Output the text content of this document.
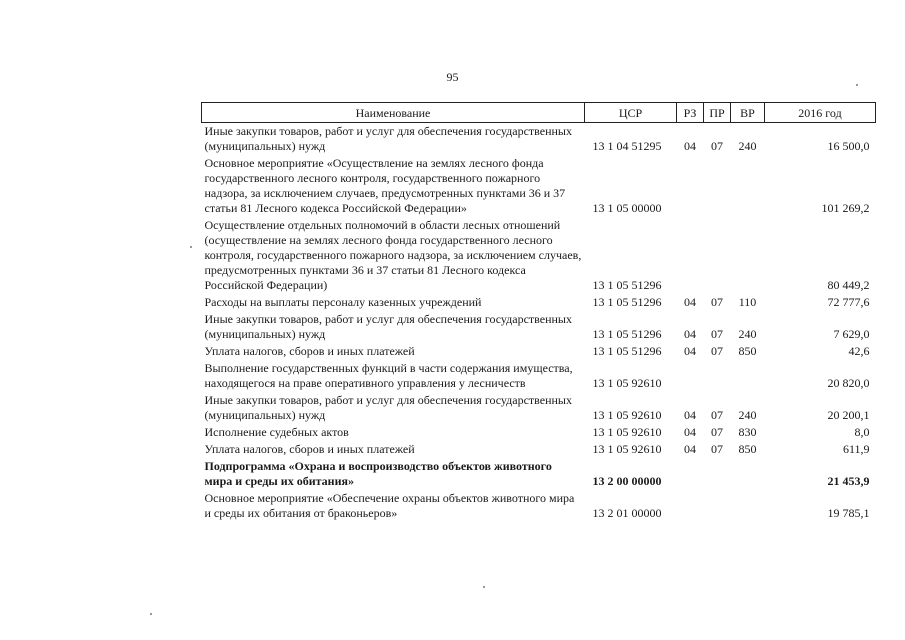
95
Наименование	ЦСР	РЗ	ПР	ВР	2016 год
Иные закупки товаров, работ и услуг для обеспечения государственных (муниципальных) нужд	13 1 04 51295	04	07	240	16 500,0
Основное мероприятие «Осуществление на землях лесного фонда государственного лесного контроля, государственного пожарного надзора, за исключением случаев, предусмотренных пунктами 36 и 37 статьи 81 Лесного кодекса Российской Федерации»	13 1 05 00000				101 269,2
Осуществление отдельных полномочий в области лесных отношений (осуществление на землях лесного фонда государственного лесного контроля, государственного пожарного надзора, за исключением случаев, предусмотренных пунктами 36 и 37 статьи 81 Лесного кодекса Российской Федерации)	13 1 05 51296				80 449,2
Расходы на выплаты персоналу казенных учреждений	13 1 05 51296	04	07	110	72 777,6
Иные закупки товаров, работ и услуг для обеспечения государственных (муниципальных) нужд	13 1 05 51296	04	07	240	7 629,0
Уплата налогов, сборов и иных платежей	13 1 05 51296	04	07	850	42,6
Выполнение государственных функций в части содержания имущества, находящегося на праве оперативного управления у лесничеств	13 1 05 92610				20 820,0
Иные закупки товаров, работ и услуг для обеспечения государственных (муниципальных) нужд	13 1 05 92610	04	07	240	20 200,1
Исполнение судебных актов	13 1 05 92610	04	07	830	8,0
Уплата налогов, сборов и иных платежей	13 1 05 92610	04	07	850	611,9
Подпрограмма «Охрана и воспроизводство объектов животного мира и среды их обитания»	13 2 00 00000				21 453,9
Основное мероприятие «Обеспечение охраны объектов животного мира и среды их обитания от браконьеров»	13 2 01 00000				19 785,1
